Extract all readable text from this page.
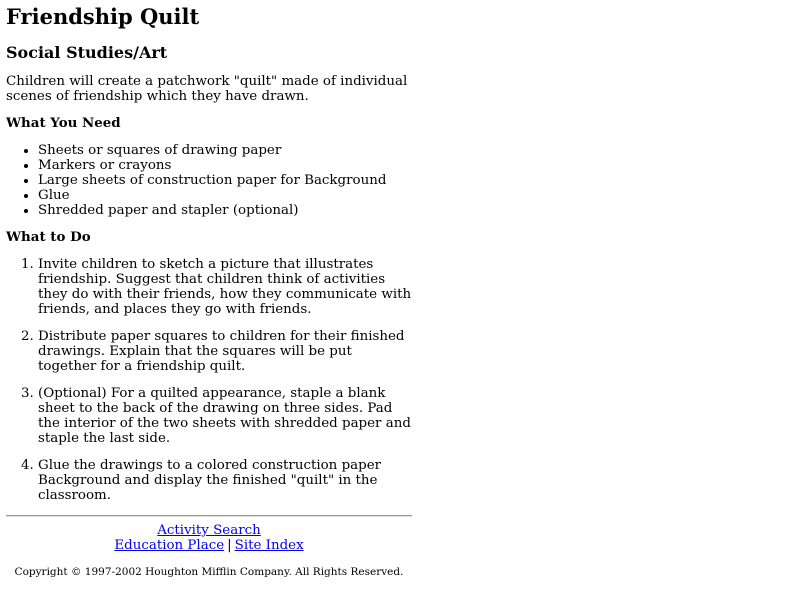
Friendship Quilt
Social Studies/Art

Children will create a patchwork "quilt" made of individual scenes of friendship which they have drawn.

What You Need
• Sheets or squares of drawing paper
• Markers or crayons
• Large sheets of construction paper for Background
• Glue
• Shredded paper and stapler (optional)
What to Do
1. Invite children to sketch a picture that illustrates friendship. Suggest that children think of activities they do with their friends, how they communicate with friends, and places they go with friends.
2. Distribute paper squares to children for their finished drawings. Explain that the squares will be put together for a friendship quilt.
3. (Optional) For a quilted appearance, staple a blank sheet to the back of the drawing on three sides. Pad the interior of the two sheets with shredded paper and staple the last side.
4. Glue the drawings to a colored construction paper Background and display the finished "quilt" in the classroom.
Activity Search
Education Place | Site Index
Copyright © 1997-2002 Houghton Mifflin Company. All Rights Reserved.
